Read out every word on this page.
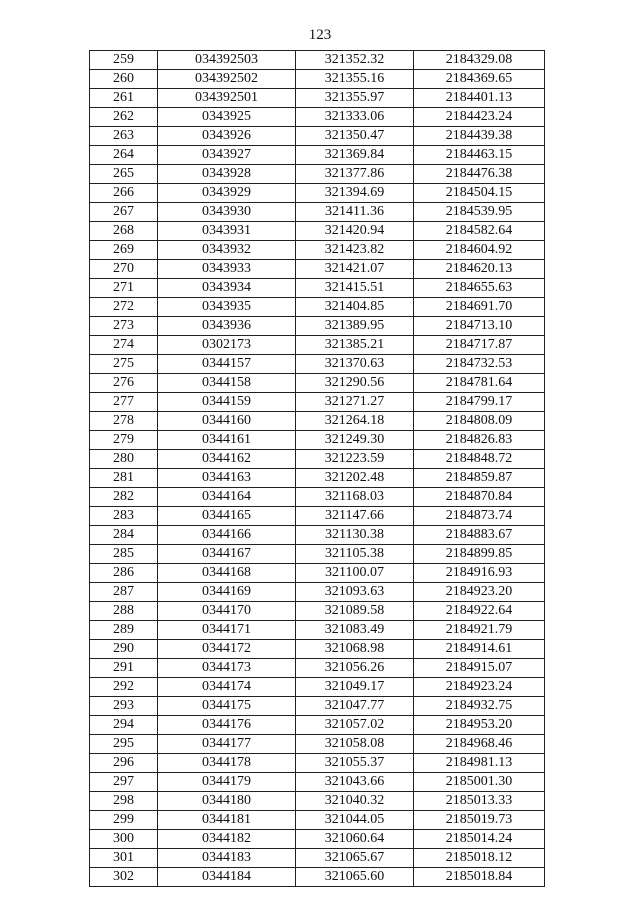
123
259	034392503	321352.32	2184329.08
260	034392502	321355.16	2184369.65
261	034392501	321355.97	2184401.13
262	0343925	321333.06	2184423.24
263	0343926	321350.47	2184439.38
264	0343927	321369.84	2184463.15
265	0343928	321377.86	2184476.38
266	0343929	321394.69	2184504.15
267	0343930	321411.36	2184539.95
268	0343931	321420.94	2184582.64
269	0343932	321423.82	2184604.92
270	0343933	321421.07	2184620.13
271	0343934	321415.51	2184655.63
272	0343935	321404.85	2184691.70
273	0343936	321389.95	2184713.10
274	0302173	321385.21	2184717.87
275	0344157	321370.63	2184732.53
276	0344158	321290.56	2184781.64
277	0344159	321271.27	2184799.17
278	0344160	321264.18	2184808.09
279	0344161	321249.30	2184826.83
280	0344162	321223.59	2184848.72
281	0344163	321202.48	2184859.87
282	0344164	321168.03	2184870.84
283	0344165	321147.66	2184873.74
284	0344166	321130.38	2184883.67
285	0344167	321105.38	2184899.85
286	0344168	321100.07	2184916.93
287	0344169	321093.63	2184923.20
288	0344170	321089.58	2184922.64
289	0344171	321083.49	2184921.79
290	0344172	321068.98	2184914.61
291	0344173	321056.26	2184915.07
292	0344174	321049.17	2184923.24
293	0344175	321047.77	2184932.75
294	0344176	321057.02	2184953.20
295	0344177	321058.08	2184968.46
296	0344178	321055.37	2184981.13
297	0344179	321043.66	2185001.30
298	0344180	321040.32	2185013.33
299	0344181	321044.05	2185019.73
300	0344182	321060.64	2185014.24
301	0344183	321065.67	2185018.12
302	0344184	321065.60	2185018.84
